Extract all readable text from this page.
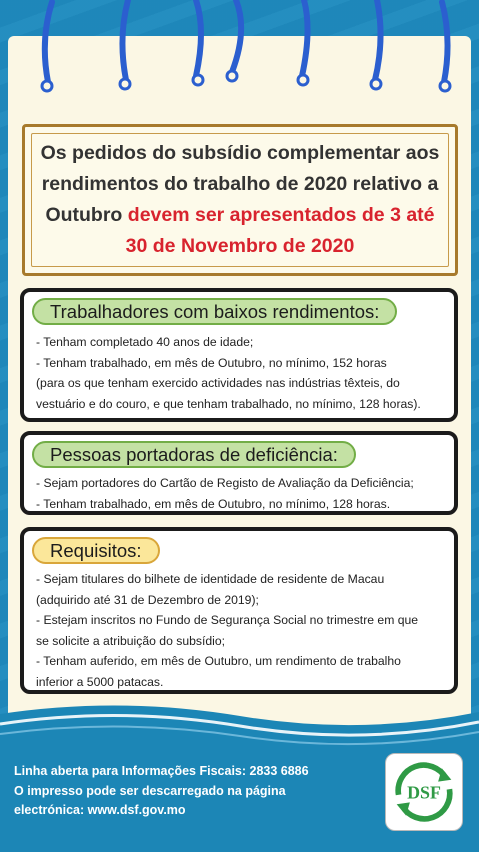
Os pedidos do subsídio complementar aos rendimentos do trabalho de 2020 relativo a Outubro devem ser apresentados de 3 até 30 de Novembro de 2020
Trabalhadores com baixos rendimentos:

- Tenham completado 40 anos de idade;

- Tenham trabalhado, em mês de Outubro, no mínimo, 152 horas

(para os que tenham exercido actividades nas indústrias têxteis, do

vestuário e do couro, e que tenham trabalhado, no mínimo, 128 horas).

Pessoas portadoras de deficiência:

- Sejam portadores do Cartão de Registo de Avaliação da Deficiência;

- Tenham trabalhado, em mês de Outubro, no mínimo, 128 horas.

Requisitos:

- Sejam titulares do bilhete de identidade de residente de Macau

(adquirido até 31 de Dezembro de 2019);

- Estejam inscritos no Fundo de Segurança Social no trimestre em que

se solicite a atribuição do subsídio;

- Tenham auferido, em mês de Outubro, um rendimento de trabalho

inferior a 5000 patacas.

Linha aberta para Informações Fiscais: 2833 6886

O impresso pode ser descarregado na página

electrónica: www.dsf.gov.mo

DSF
